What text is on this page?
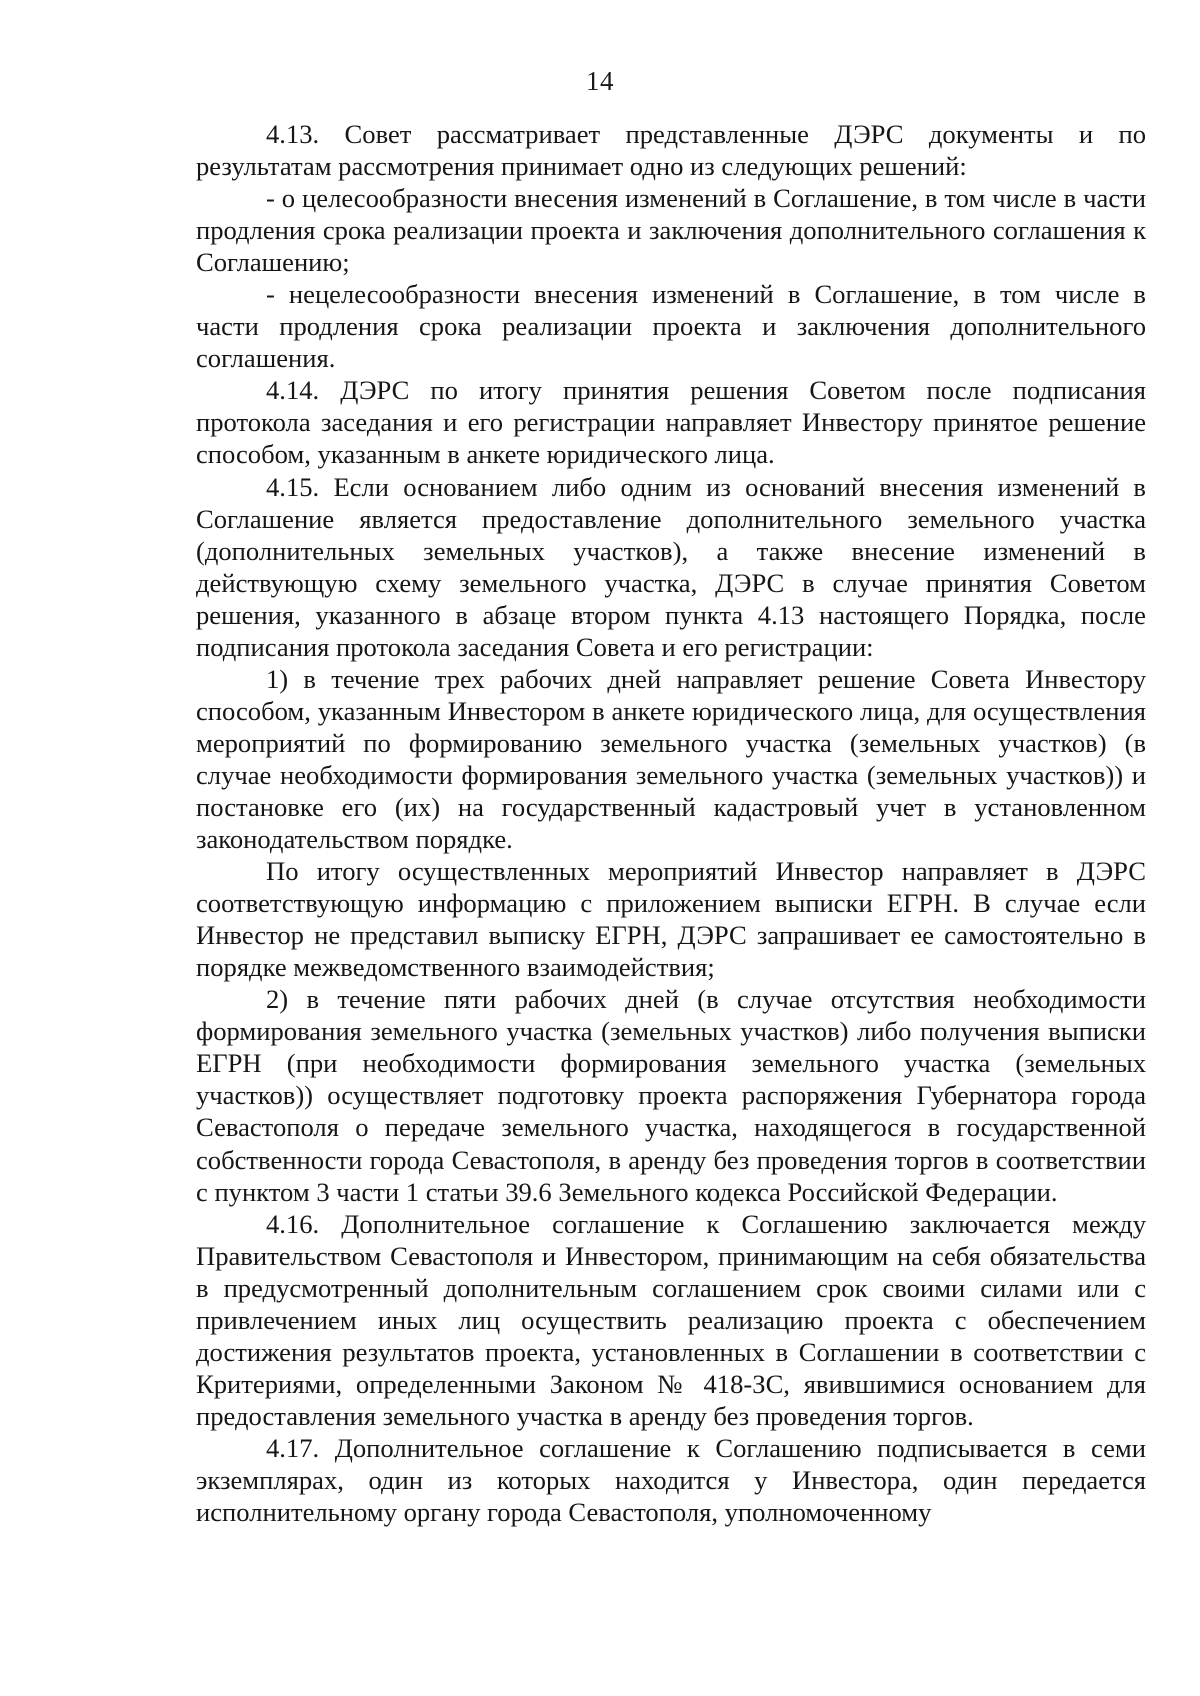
14

4.13. Совет рассматривает представленные ДЭРС документы и по результатам рассмотрения принимает одно из следующих решений:

- о целесообразности внесения изменений в Соглашение, в том числе в части продления срока реализации проекта и заключения дополнительного соглашения к Соглашению;

- нецелесообразности внесения изменений в Соглашение, в том числе в части продления срока реализации проекта и заключения дополнительного соглашения.

4.14. ДЭРС по итогу принятия решения Советом после подписания протокола заседания и его регистрации направляет Инвестору принятое решение способом, указанным в анкете юридического лица.

4.15. Если основанием либо одним из оснований внесения изменений в Соглашение является предоставление дополнительного земельного участка (дополнительных земельных участков), а также внесение изменений в действующую схему земельного участка, ДЭРС в случае принятия Советом решения, указанного в абзаце втором пункта 4.13 настоящего Порядка, после подписания протокола заседания Совета и его регистрации:

1) в течение трех рабочих дней направляет решение Совета Инвестору способом, указанным Инвестором в анкете юридического лица, для осуществления мероприятий по формированию земельного участка (земельных участков) (в случае необходимости формирования земельного участка (земельных участков)) и постановке его (их) на государственный кадастровый учет в установленном законодательством порядке.

По итогу осуществленных мероприятий Инвестор направляет в ДЭРС соответствующую информацию с приложением выписки ЕГРН. В случае если Инвестор не представил выписку ЕГРН, ДЭРС запрашивает ее самостоятельно в порядке межведомственного взаимодействия;

2) в течение пяти рабочих дней (в случае отсутствия необходимости формирования земельного участка (земельных участков) либо получения выписки ЕГРН (при необходимости формирования земельного участка (земельных участков)) осуществляет подготовку проекта распоряжения Губернатора города Севастополя о передаче земельного участка, находящегося в государственной собственности города Севастополя, в аренду без проведения торгов в соответствии с пунктом 3 части 1 статьи 39.6 Земельного кодекса Российской Федерации.

4.16. Дополнительное соглашение к Соглашению заключается между Правительством Севастополя и Инвестором, принимающим на себя обязательства в предусмотренный дополнительным соглашением срок своими силами или с привлечением иных лиц осуществить реализацию проекта с обеспечением достижения результатов проекта, установленных в Соглашении в соответствии с Критериями, определенными Законом № 418-ЗС, явившимися основанием для предоставления земельного участка в аренду без проведения торгов.

4.17. Дополнительное соглашение к Соглашению подписывается в семи экземплярах, один из которых находится у Инвестора, один передается исполнительному органу города Севастополя, уполномоченному
